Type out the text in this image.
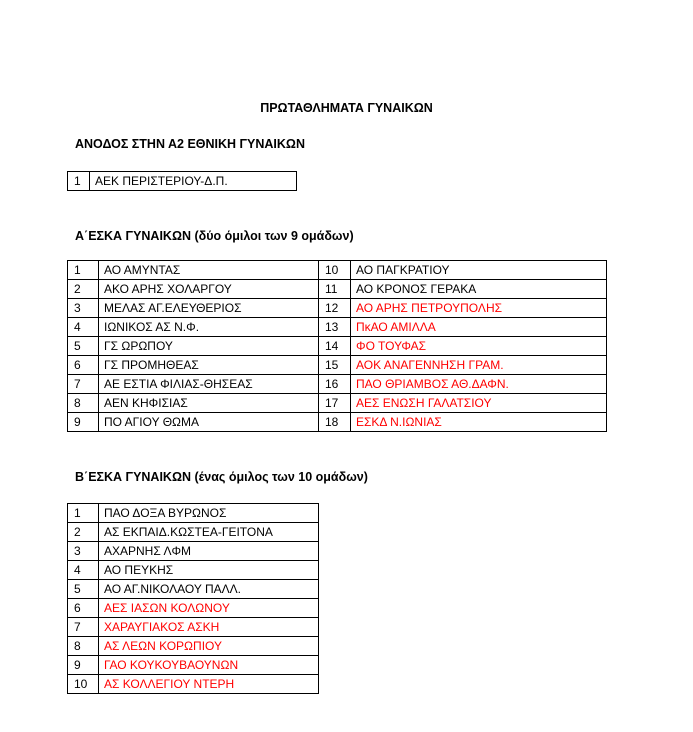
ΠΡΩΤΑΘΛΗΜΑΤΑ ΓΥΝΑΙΚΩΝ
ΑΝΟΔΟΣ ΣΤΗΝ Α2 ΕΘΝΙΚΗ ΓΥΝΑΙΚΩΝ
1	ΑΕΚ ΠΕΡΙΣΤΕΡΙΟΥ-Δ.Π.
Α΄ΕΣΚΑ ΓΥΝΑΙΚΩΝ (δύο όμιλοι των 9 ομάδων)
1	ΑΟ ΑΜΥΝΤΑΣ	10	ΑΟ ΠΑΓΚΡΑΤΙΟΥ
2	ΑΚΟ ΑΡΗΣ ΧΟΛΑΡΓΟΥ	11	ΑΟ ΚΡΟΝΟΣ ΓΕΡΑΚΑ
3	ΜΕΛΑΣ ΑΓ.ΕΛΕΥΘΕΡΙΟΣ	12	ΑΟ ΑΡΗΣ ΠΕΤΡΟΥΠΟΛΗΣ
4	ΙΩΝΙΚΟΣ ΑΣ Ν.Φ.	13	ΠκΑΟ ΑΜΙΛΛΑ
5	ΓΣ ΩΡΩΠΟΥ	14	ΦΟ ΤΟΥΦΑΣ
6	ΓΣ ΠΡΟΜΗΘΕΑΣ	15	ΑΟΚ ΑΝΑΓΕΝΝΗΣΗ ΓΡΑΜ.
7	ΑΕ ΕΣΤΙΑ ΦΙΛΙΑΣ-ΘΗΣΕΑΣ	16	ΠΑΟ ΘΡΙΑΜΒΟΣ ΑΘ.ΔΑΦΝ.
8	ΑΕΝ ΚΗΦΙΣΙΑΣ	17	ΑΕΣ ΕΝΩΣΗ ΓΑΛΑΤΣΙΟΥ
9	ΠΟ ΑΓΙΟΥ ΘΩΜΑ	18	ΕΣΚΔ Ν.ΙΩΝΙΑΣ
Β΄ΕΣΚΑ ΓΥΝΑΙΚΩΝ (ένας όμιλος των 10 ομάδων)
1	ΠΑΟ ΔΟΞΑ ΒΥΡΩΝΟΣ
2	ΑΣ ΕΚΠΑΙΔ.ΚΩΣΤΕΑ-ΓΕΙΤΟΝΑ
3	ΑΧΑΡΝΗΣ ΛΦΜ
4	ΑΟ ΠΕΥΚΗΣ
5	ΑΟ ΑΓ.ΝΙΚΟΛΑΟΥ ΠΑΛΛ.
6	ΑΕΣ ΙΑΣΩΝ ΚΟΛΩΝΟΥ
7	ΧΑΡΑΥΓΙΑΚΟΣ ΑΣΚΗ
8	ΑΣ ΛΕΩΝ ΚΟΡΩΠΙΟΥ
9	ΓΑΟ ΚΟΥΚΟΥΒΑΟΥΝΩΝ
10	ΑΣ ΚΟΛΛΕΓΙΟΥ ΝΤΕΡΗ
